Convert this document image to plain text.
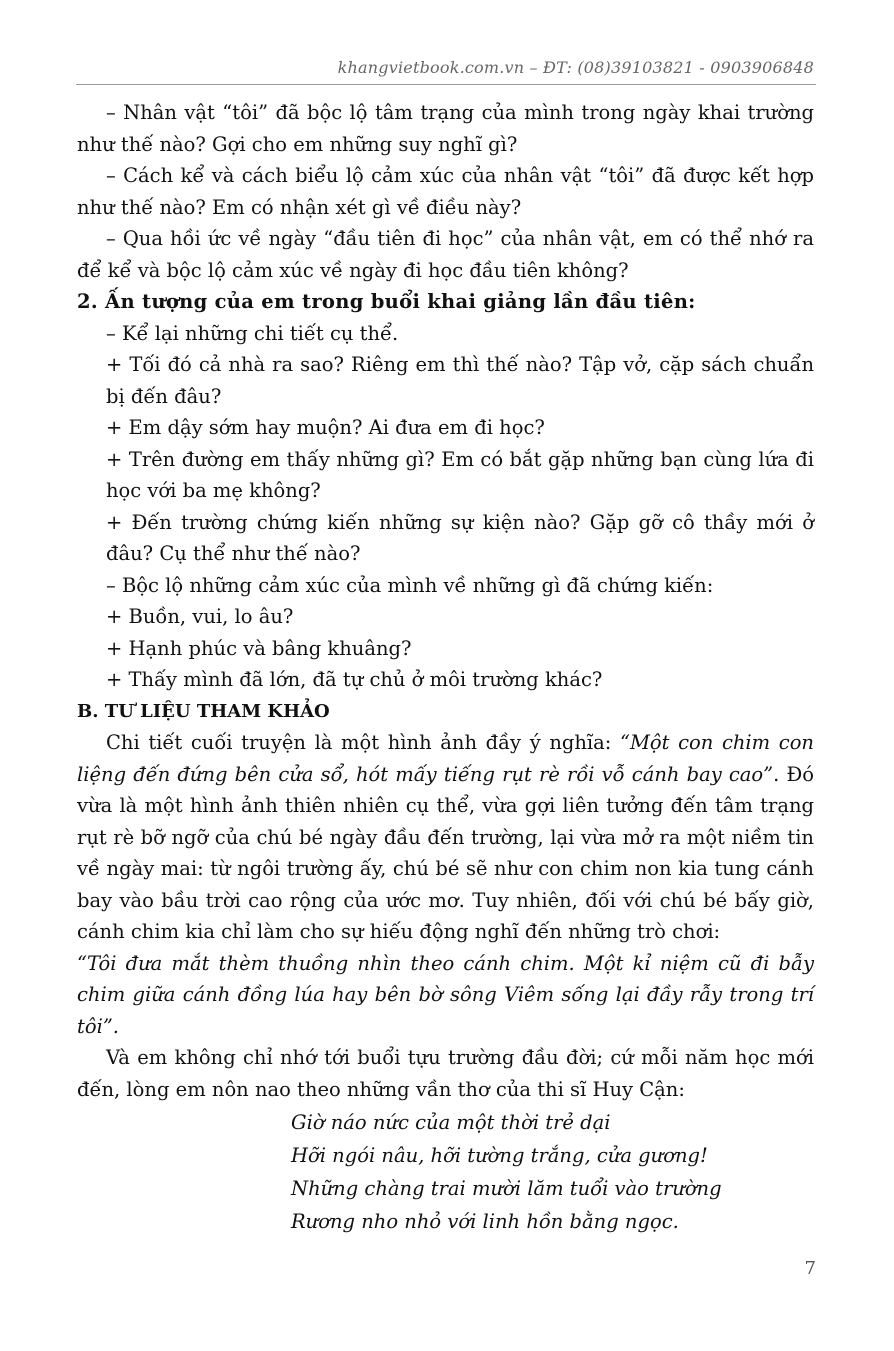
khangvietbook.com.vn – ĐT: (08)39103821 - 0903906848

– Nhân vật “tôi” đã bộc lộ tâm trạng của mình trong ngày khai trường như thế nào? Gợi cho em những suy nghĩ gì?

– Cách kể và cách biểu lộ cảm xúc của nhân vật “tôi” đã được kết hợp như thế nào? Em có nhận xét gì về điều này?

– Qua hồi ức về ngày “đầu tiên đi học” của nhân vật, em có thể nhớ ra để kể và bộc lộ cảm xúc về ngày đi học đầu tiên không?

2. Ấn tượng của em trong buổi khai giảng lần đầu tiên:

– Kể lại những chi tiết cụ thể.

+ Tối đó cả nhà ra sao? Riêng em thì thế nào? Tập vở, cặp sách chuẩn bị đến đâu?

+ Em dậy sớm hay muộn? Ai đưa em đi học?

+ Trên đường em thấy những gì? Em có bắt gặp những bạn cùng lứa đi học với ba mẹ không?

+ Đến trường chứng kiến những sự kiện nào? Gặp gỡ cô thầy mới ở đâu? Cụ thể như thế nào?

– Bộc lộ những cảm xúc của mình về những gì đã chứng kiến:

+ Buồn, vui, lo âu?

+ Hạnh phúc và bâng khuâng?

+ Thấy mình đã lớn, đã tự chủ ở môi trường khác?

B. TƯ LIỆU THAM KHẢO

Chi tiết cuối truyện là một hình ảnh đầy ý nghĩa: “Một con chim con liệng đến đứng bên cửa sổ, hót mấy tiếng rụt rè rồi vỗ cánh bay cao”. Đó vừa là một hình ảnh thiên nhiên cụ thể, vừa gợi liên tưởng đến tâm trạng rụt rè bỡ ngỡ của chú bé ngày đầu đến trường, lại vừa mở ra một niềm tin về ngày mai: từ ngôi trường ấy, chú bé sẽ như con chim non kia tung cánh bay vào bầu trời cao rộng của ước mơ. Tuy nhiên, đối với chú bé bấy giờ, cánh chim kia chỉ làm cho sự hiếu động nghĩ đến những trò chơi:

“Tôi đưa mắt thèm thuồng nhìn theo cánh chim. Một kỉ niệm cũ đi bẫy chim giữa cánh đồng lúa hay bên bờ sông Viêm sống lại đầy rẫy trong trí tôi”.

Và em không chỉ nhớ tới buổi tựu trường đầu đời; cứ mỗi năm học mới đến, lòng em nôn nao theo những vần thơ của thi sĩ Huy Cận:

Giờ náo nức của một thời trẻ dại
Hỡi ngói nâu, hỡi tường trắng, cửa gương!
Những chàng trai mười lăm tuổi vào trường
Rương nho nhỏ với linh hồn bằng ngọc.
7
